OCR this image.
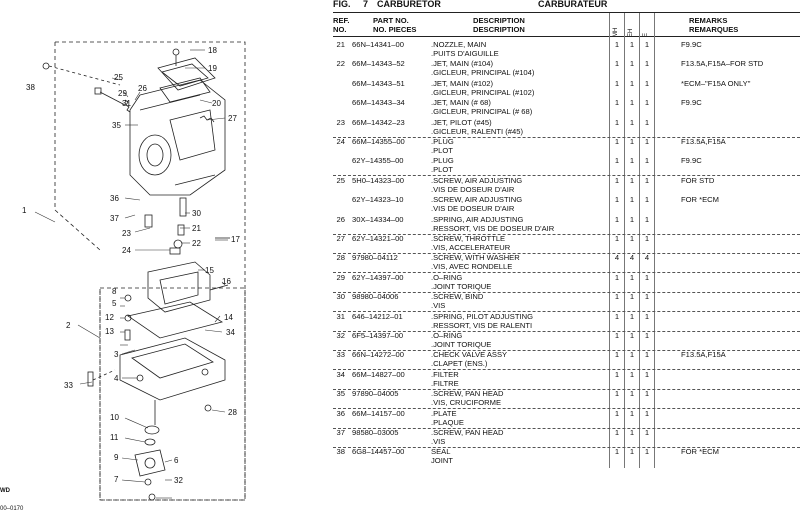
1
2
3
4
5
6
7
8
9
10
11
12
13
14
15
16
17
18
19
20
21
22
23
24
25
26
27
28
29
30
31
32
33
34
35
36
37
38
WD
00–0170
FIG. 7 CARBURETOR	CARBURATEUR
REF.
NO.
PART NO.
NO. PIECES
DESCRIPTION
DESCRIPTION	MH	EH	E
REMARKS
REMARQUES
21 66N–14341–00	.NOZZLE, MAIN
.PUITS D'AIGUILLE
1	1	1	F9.9C
22 66M–14343–52	.JET, MAIN (#104)
.GICLEUR, PRINCIPAL (#104)
1	1	1	F13.5A,F15A–FOR STD
66M–14343–51	.JET, MAIN (#102)
.GICLEUR, PRINCIPAL (#102)
1	1	1	*ECM–"F15A ONLY"
66M–14343–34	.JET, MAIN (# 68)
.GICLEUR, PRINCIPAL (# 68)
1	1	1	F9.9C
23 66M–14342–23	.JET, PILOT (#45)
.GICLEUR, RALENTI (#45)
1	1	1
24 66M–14355–00	.PLUG
.PLOT
1	1	1	F13.5A,F15A
62Y–14355–00	.PLUG
.PLOT
1	1	1	F9.9C
25 5H0–14323–00	.SCREW, AIR ADJUSTING
.VIS DE DOSEUR D'AIR
1	1	1	FOR STD
62Y–14323–10	.SCREW, AIR ADJUSTING
.VIS DE DOSEUR D'AIR
1	1	1	FOR *ECM
26 30X–14334–00	.SPRING, AIR ADJUSTING
.RESSORT, VIS DE DOSEUR D'AIR
1	1	1
27 62Y–14321–00	.SCREW, THROTTLE
.VIS, ACCELERATEUR
1	1	1
28 97980–04112	.SCREW, WITH WASHER
.VIS, AVEC RONDELLE
4	4	4
29 62Y–14397–00	.O–RING
.JOINT TORIQUE
1	1	1
30 98980–04006	.SCREW, BIND
.VIS
1	1	1
31 646–14212–01	.SPRING, PILOT ADJUSTING
.RESSORT, VIS DE RALENTI
1	1	1
32 6F5–14397–00	.O–RING
.JOINT TORIQUE
1	1	1
33 66N–14272–00	.CHECK VALVE ASSY
.CLAPET (ENS.)
1	1	1	F13.5A,F15A
34 66M–14827–00	.FILTER
.FILTRE
1	1	1
35 97890–04005	.SCREW, PAN HEAD
.VIS, CRUCIFORME
1	1	1
36 66M–14157–00	.PLATE
.PLAQUE
1	1	1
37 98580–03005	.SCREW, PAN HEAD
.VIS
1	1	1
38 6G8–14457–00	SEAL
JOINT
1	1	1	FOR *ECM
